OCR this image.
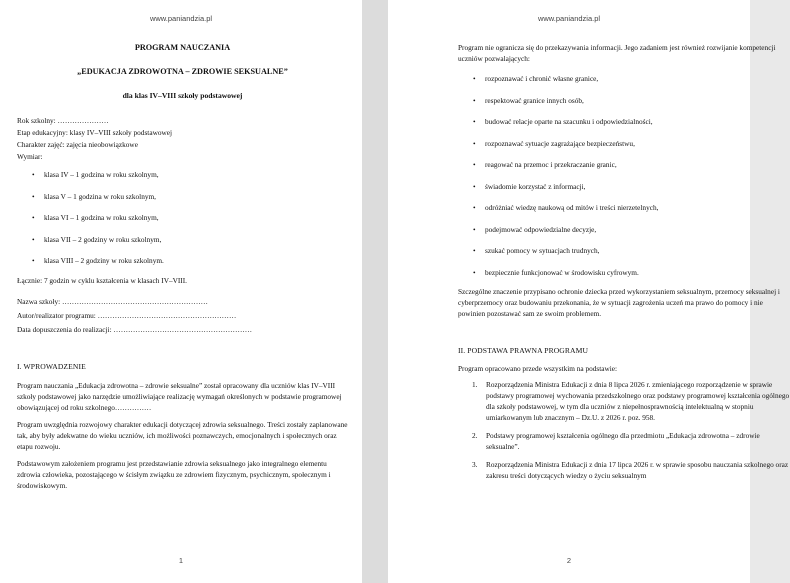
www.paniandzia.pl

PROGRAM NAUCZANIA

„EDUKACJA ZDROWOTNA – ZDROWIE SEKSUALNE”

dla klas IV–VIII szkoły podstawowej

Rok szkolny: …………………

Etap edukacyjny: klasy IV–VIII szkoły podstawowej

Charakter zajęć: zajęcia nieobowiązkowe

Wymiar:

• klasa IV – 1 godzina w roku szkolnym,
• klasa V – 1 godzina w roku szkolnym,
• klasa VI – 1 godzina w roku szkolnym,
• klasa VII – 2 godziny w roku szkolnym,
• klasa VIII – 2 godziny w roku szkolnym.

Łącznie: 7 godzin w cyklu kształcenia w klasach IV–VIII.

Nazwa szkoły: ……………………………………………………

Autor/realizator programu: …………………………………………………

Data dopuszczenia do realizacji: …………………………………………………

I. WPROWADZENIE

Program nauczania „Edukacja zdrowotna – zdrowie seksualne” został opracowany dla uczniów klas IV–VIII szkoły podstawowej jako narzędzie umożliwiające realizację wymagań określonych w podstawie programowej obowiązującej od roku szkolnego……………

Program uwzględnia rozwojowy charakter edukacji dotyczącej zdrowia seksualnego. Treści zostały zaplanowane tak, aby były adekwatne do wieku uczniów, ich możliwości poznawczych, emocjonalnych i społecznych oraz etapu rozwoju.

Podstawowym założeniem programu jest przedstawianie zdrowia seksualnego jako integralnego elementu zdrowia człowieka, pozostającego w ścisłym związku ze zdrowiem fizycznym, psychicznym, społecznym i środowiskowym.

1
www.paniandzia.pl

Program nie ogranicza się do przekazywania informacji. Jego zadaniem jest również rozwijanie kompetencji uczniów pozwalających:

• rozpoznawać i chronić własne granice,
• respektować granice innych osób,
• budować relacje oparte na szacunku i odpowiedzialności,
• rozpoznawać sytuacje zagrażające bezpieczeństwu,
• reagować na przemoc i przekraczanie granic,
• świadomie korzystać z informacji,
• odróżniać wiedzę naukową od mitów i treści nierzetelnych,
• podejmować odpowiedzialne decyzje,
• szukać pomocy w sytuacjach trudnych,
• bezpiecznie funkcjonować w środowisku cyfrowym.

Szczególne znaczenie przypisano ochronie dziecka przed wykorzystaniem seksualnym, przemocy seksualnej i cyberprzemocy oraz budowaniu przekonania, że w sytuacji zagrożenia uczeń ma prawo do pomocy i nie powinien pozostawać sam ze swoim problemem.

II. PODSTAWA PRAWNA PROGRAMU

Program opracowano przede wszystkim na podstawie:

1. Rozporządzenia Ministra Edukacji z dnia 8 lipca 2026 r. zmieniającego rozporządzenie w sprawie podstawy programowej wychowania przedszkolnego oraz podstawy programowej kształcenia ogólnego dla szkoły podstawowej, w tym dla uczniów z niepełnosprawnością intelektualną w stopniu umiarkowanym lub znacznym – Dz.U. z 2026 r. poz. 958.
2. Podstawy programowej kształcenia ogólnego dla przedmiotu „Edukacja zdrowotna – zdrowie seksualne”.
3. Rozporządzenia Ministra Edukacji z dnia 17 lipca 2026 r. w sprawie sposobu nauczania szkolnego oraz zakresu treści dotyczących wiedzy o życiu seksualnym
2
